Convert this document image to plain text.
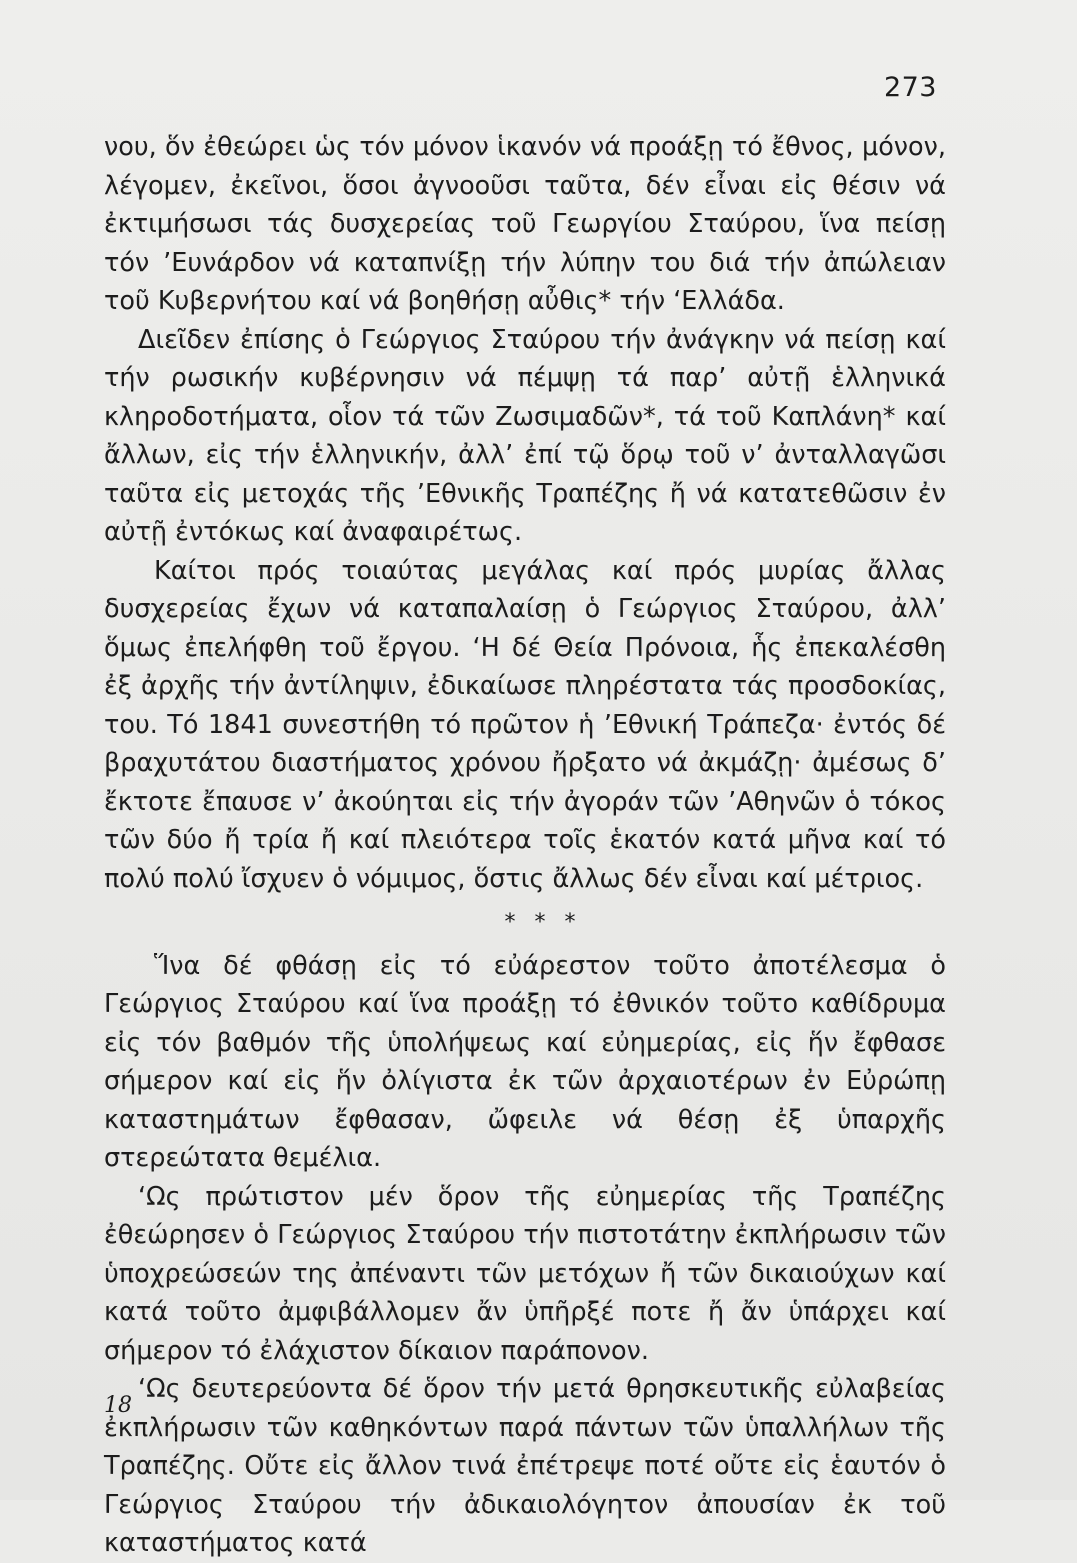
273

νου, ὅν ἐθεώρει ὡς τόν μόνον ἱκανόν νά προάξῃ τό ἔθνος, μόνον, λέγομεν, ἐκεῖνοι, ὅσοι ἀγνοοῦσι ταῦτα, δέν εἶναι εἰς θέσιν νά ἐκτιμήσωσι τάς δυσχερείας τοῦ Γεωργίου Σταύρου, ἵνα πείσῃ τόν ’Ευνάρδον νά καταπνίξῃ τήν λύπην του διά τήν ἀπώλειαν τοῦ Κυβερνήτου καί νά βοηθήσῃ αὖθις* τήν ‘Ελλάδα.

Διεῖδεν ἐπίσης ὁ Γεώργιος Σταύρου τήν ἀνάγκην νά πείσῃ καί τήν ρωσικήν κυβέρνησιν νά πέμψῃ τά παρ’ αὐτῇ ἑλληνικά κληροδοτήματα, οἷον τά τῶν Ζωσιμαδῶν*, τά τοῦ Καπλάνη* καί ἄλλων, εἰς τήν ἑλληνικήν, ἀλλ’ ἐπί τῷ ὅρῳ τοῦ ν’ ἀνταλλαγῶσι ταῦτα εἰς μετοχάς τῆς ’Εθνικῆς Τραπέζης ἤ νά κατατεθῶσιν ἐν αὐτῇ ἐντόκως καί ἀναφαιρέτως.

Καίτοι πρός τοιαύτας μεγάλας καί πρός μυρίας ἄλλας δυσχερείας ἔχων νά καταπαλαίσῃ ὁ Γεώργιος Σταύρου, ἀλλ’ ὅμως ἐπελήφθη τοῦ ἔργου. ‘Η δέ Θεία Πρόνοια, ἧς ἐπεκαλέσθη ἐξ ἀρχῆς τήν ἀντίληψιν, ἐδικαίωσε πληρέστατα τάς προσδοκίας, του. Τό 1841 συνεστήθη τό πρῶτον ἡ ’Εθνική Τράπεζα· ἐντός δέ βραχυτάτου διαστήματος χρόνου ἤρξατο νά ἀκμάζῃ· ἀμέσως δ’ ἔκτοτε ἔπαυσε ν’ ἀκούηται εἰς τήν ἀγοράν τῶν ’Αθηνῶν ὁ τόκος τῶν δύο ἤ τρία ἤ καί πλειότερα τοῖς ἑκατόν κατά μῆνα καί τό πολύ πολύ ἴσχυεν ὁ νόμιμος, ὅστις ἄλλως δέν εἶναι καί μέτριος.

* * *

Ἵνα δέ φθάσῃ εἰς τό εὐάρεστον τοῦτο ἀποτέλεσμα ὁ Γεώργιος Σταύρου καί ἵνα προάξῃ τό ἐθνικόν τοῦτο καθίδρυμα εἰς τόν βαθμόν τῆς ὑπολήψεως καί εὐημερίας, εἰς ἥν ἔφθασε σήμερον καί εἰς ἥν ὀλίγιστα ἐκ τῶν ἀρχαιοτέρων ἐν Εὐρώπῃ καταστημάτων ἔφθασαν, ὤφειλε νά θέσῃ ἐξ ὑπαρχῆς στερεώτατα θεμέλια.

‘Ως πρώτιστον μέν ὅρον τῆς εὐημερίας τῆς Τραπέζης ἐθεώρησεν ὁ Γεώργιος Σταύρου τήν πιστοτάτην ἐκπλήρωσιν τῶν ὑποχρεώσεών της ἀπέναντι τῶν μετόχων ἤ τῶν δικαιούχων καί κατά τοῦτο ἀμφιβάλλομεν ἄν ὑπῆρξέ ποτε ἤ ἄν ὑπάρχει καί σήμερον τό ἐλάχιστον δίκαιον παράπονον.

‘Ως δευτερεύοντα δέ ὅρον τήν μετά θρησκευτικῆς εὐλαβείας ἐκπλήρωσιν τῶν καθηκόντων παρά πάντων τῶν ὑπαλλήλων τῆς Τραπέζης. Οὔτε εἰς ἄλλον τινά ἐπέτρεψε ποτέ οὔτε εἰς ἑαυτόν ὁ Γεώργιος Σταύρου τήν ἀδικαιολόγητον ἀπουσίαν ἐκ τοῦ καταστήματος κατά

18
